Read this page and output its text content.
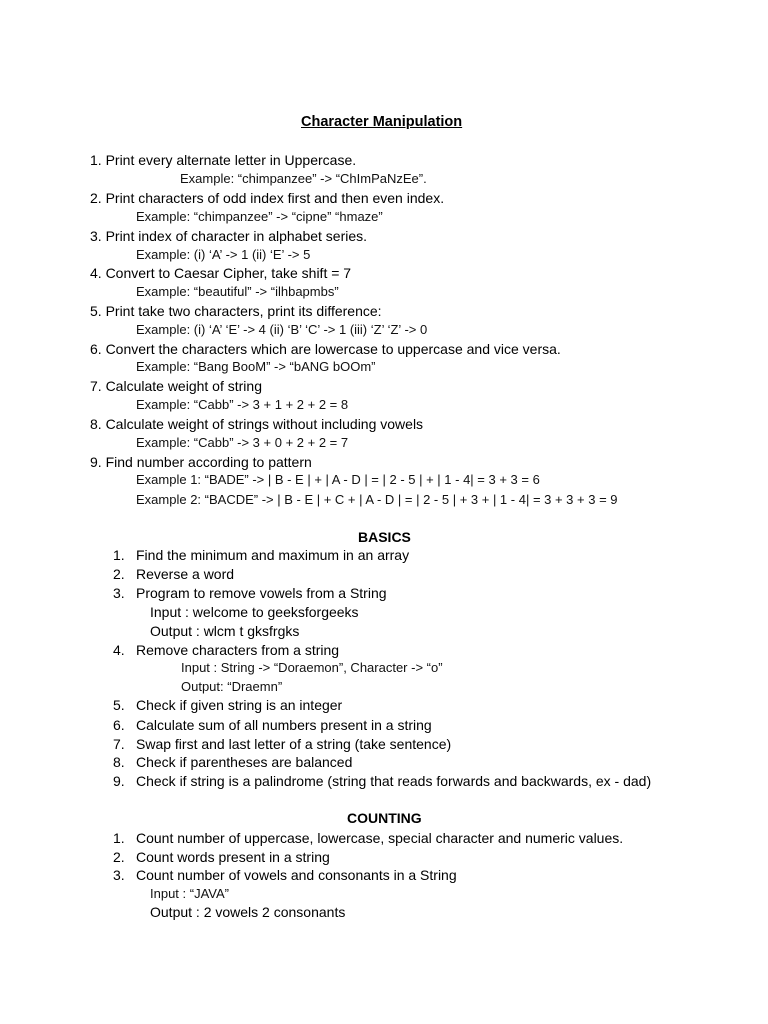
Character Manipulation
1. Print every alternate letter in Uppercase.
Example: “chimpanzee” -> “ChImPaNzEe”.
2. Print characters of odd index first and then even index.
Example: “chimpanzee” -> “cipne” “hmaze”
3. Print index of character in alphabet series.
Example: (i) ‘A’ -> 1 (ii) ‘E’ -> 5
4. Convert to Caesar Cipher, take shift = 7
Example: “beautiful” -> “ilhbapmbs”
5. Print take two characters, print its difference:
Example: (i) ‘A’ ‘E’ -> 4 (ii) ‘B’ ‘C’ -> 1 (iii) ‘Z’ ‘Z’ -> 0
6. Convert the characters which are lowercase to uppercase and vice versa.
Example: “Bang BooM” -> “bANG bOOm”
7. Calculate weight of string
Example: “Cabb” -> 3 + 1 + 2 + 2 = 8
8. Calculate weight of strings without including vowels
Example: “Cabb” -> 3 + 0 + 2 + 2 = 7
9. Find number according to pattern
Example 1: “BADE” -> | B - E | + | A - D | = | 2 - 5 | + | 1 - 4| = 3 + 3 = 6
Example 2: “BACDE” -> | B - E | + C + | A - D | = | 2 - 5 | + 3 + | 1 - 4| = 3 + 3 + 3 = 9
BASICS
1. Find the minimum and maximum in an array
2. Reverse a word
3. Program to remove vowels from a String
Input : welcome to geeksforgeeks
Output : wlcm t gksfrgks
4. Remove characters from a string
Input : String -> “Doraemon”, Character -> “o”
Output: “Draemn”
5. Check if given string is an integer
6. Calculate sum of all numbers present in a string
7. Swap first and last letter of a string (take sentence)
8. Check if parentheses are balanced
9. Check if string is a palindrome (string that reads forwards and backwards, ex - dad)
COUNTING
1. Count number of uppercase, lowercase, special character and numeric values.
2. Count words present in a string
3. Count number of vowels and consonants in a String
Input : “JAVA”
Output : 2 vowels 2 consonants
